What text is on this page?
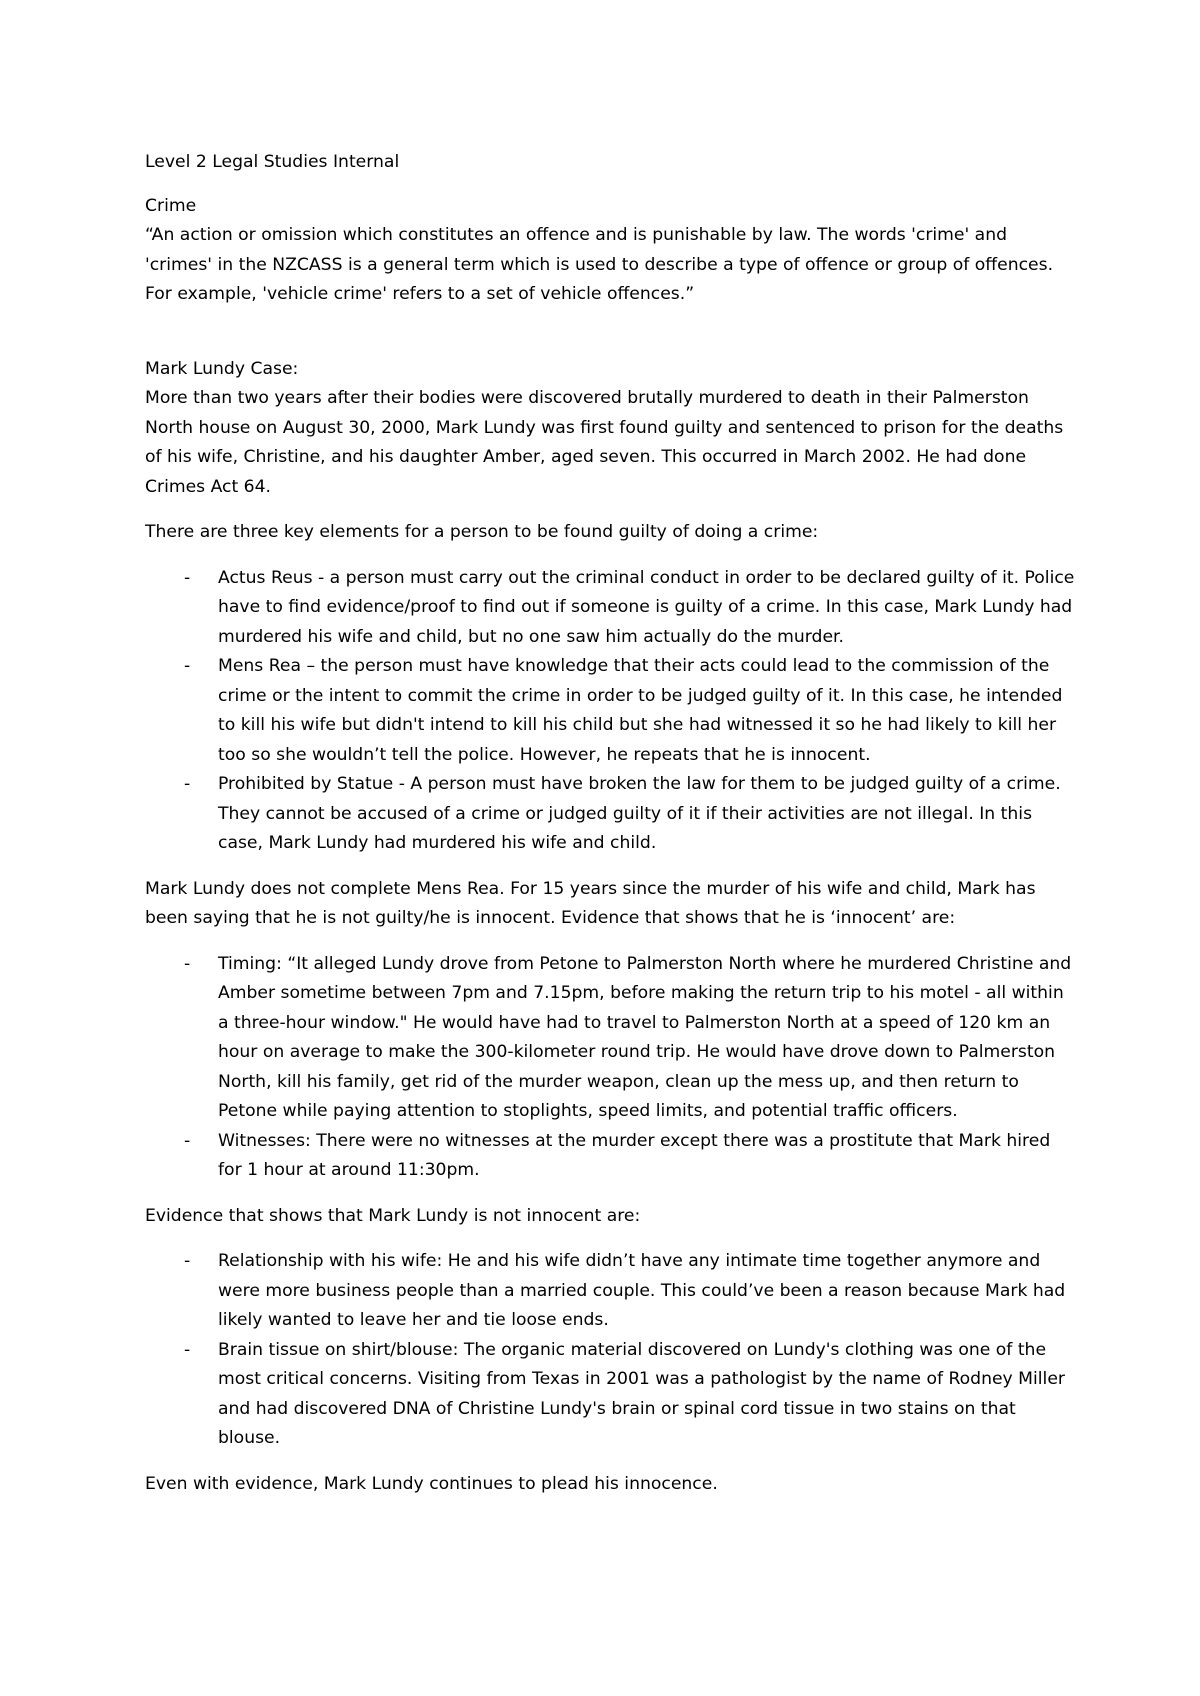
Level 2 Legal Studies Internal

Crime

“An action or omission which constitutes an offence and is punishable by law. The words 'crime' and 'crimes' in the NZCASS is a general term which is used to describe a type of offence or group of offences. For example, 'vehicle crime' refers to a set of vehicle offences.”

Mark Lundy Case:

More than two years after their bodies were discovered brutally murdered to death in their Palmerston North house on August 30, 2000, Mark Lundy was first found guilty and sentenced to prison for the deaths of his wife, Christine, and his daughter Amber, aged seven. This occurred in March 2002. He had done Crimes Act 64.

There are three key elements for a person to be found guilty of doing a crime:

- Actus Reus - a person must carry out the criminal conduct in order to be declared guilty of it. Police have to find evidence/proof to find out if someone is guilty of a crime. In this case, Mark Lundy had murdered his wife and child, but no one saw him actually do the murder.
- Mens Rea – the person must have knowledge that their acts could lead to the commission of the crime or the intent to commit the crime in order to be judged guilty of it. In this case, he intended to kill his wife but didn't intend to kill his child but she had witnessed it so he had likely to kill her too so she wouldn’t tell the police. However, he repeats that he is innocent.
- Prohibited by Statue - A person must have broken the law for them to be judged guilty of a crime. They cannot be accused of a crime or judged guilty of it if their activities are not illegal. In this case, Mark Lundy had murdered his wife and child.

Mark Lundy does not complete Mens Rea. For 15 years since the murder of his wife and child, Mark has been saying that he is not guilty/he is innocent. Evidence that shows that he is ‘innocent’ are:

- Timing: “It alleged Lundy drove from Petone to Palmerston North where he murdered Christine and Amber sometime between 7pm and 7.15pm, before making the return trip to his motel - all within a three-hour window." He would have had to travel to Palmerston North at a speed of 120 km an hour on average to make the 300-kilometer round trip. He would have drove down to Palmerston North, kill his family, get rid of the murder weapon, clean up the mess up, and then return to Petone while paying attention to stoplights, speed limits, and potential traffic officers.
- Witnesses: There were no witnesses at the murder except there was a prostitute that Mark hired for 1 hour at around 11:30pm.

Evidence that shows that Mark Lundy is not innocent are:

- Relationship with his wife: He and his wife didn’t have any intimate time together anymore and were more business people than a married couple. This could’ve been a reason because Mark had likely wanted to leave her and tie loose ends.
- Brain tissue on shirt/blouse: The organic material discovered on Lundy's clothing was one of the most critical concerns. Visiting from Texas in 2001 was a pathologist by the name of Rodney Miller and had discovered DNA of Christine Lundy's brain or spinal cord tissue in two stains on that blouse.

Even with evidence, Mark Lundy continues to plead his innocence.
